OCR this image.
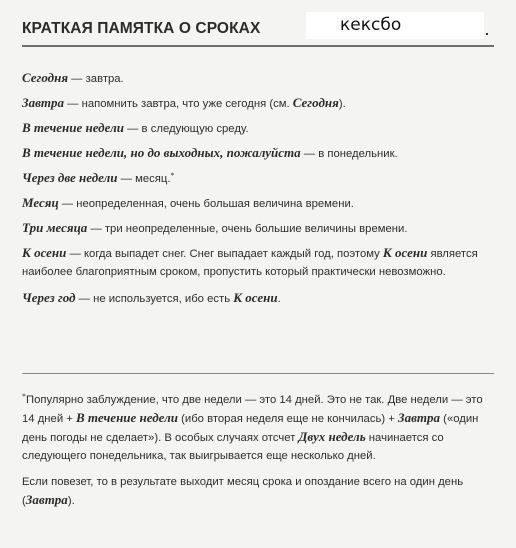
КРАТКАЯ ПАМЯТКА О СРОКАХ	кексбо

Сегодня — завтра.

Завтра — напомнить завтра, что уже сегодня (см. Сегодня).

В течение недели — в следующую среду.

В течение недели, но до выходных, пожалуйста — в понедельник.

Через две недели — месяц.*

Месяц — неопределенная, очень большая величина времени.

Три месяца — три неопределенные, очень большие величины времени.

К осени — когда выпадет снег. Снег выпадает каждый год, поэтому К осени является наиболее благоприятным сроком, пропустить который практически невозможно.

Через год — не используется, ибо есть К осени.

*Популярно заблуждение, что две недели — это 14 дней. Это не так. Две недели — это 14 дней + В течение недели (ибо вторая неделя еще не кончилась) + Завтра («один день погоды не сделает»). В особых случаях отсчет Двух недель начинается со следующего понедельника, так выигрывается еще несколько дней.

Если повезет, то в результате выходит месяц срока и опоздание всего на один день (Завтра).
